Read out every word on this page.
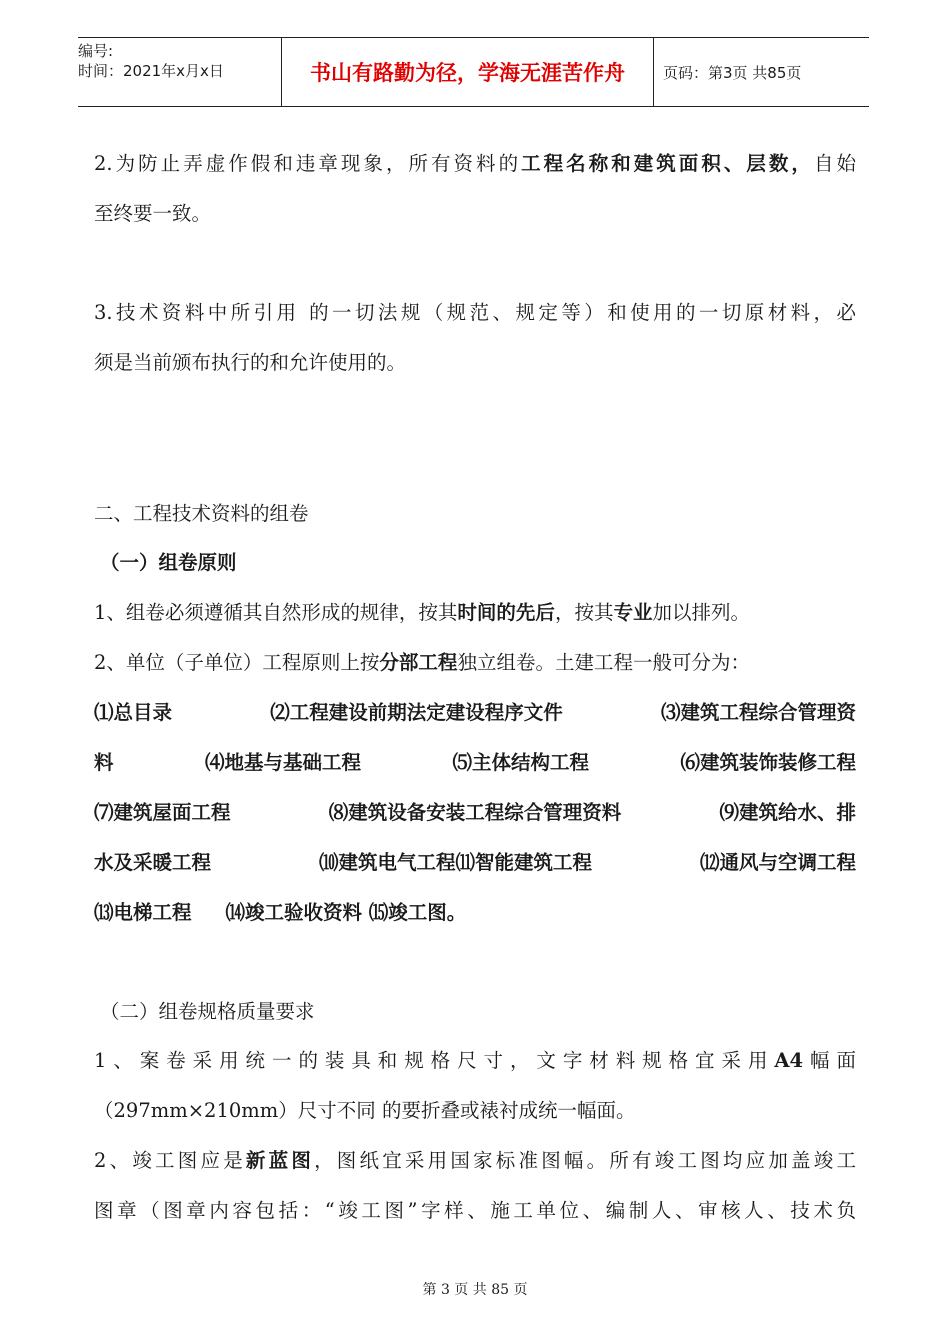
编号:
时间：2021年x月x日	书山有路勤为径，学海无涯苦作舟	页码：第3页 共85页
2.为防止弄虚作假和违章现象，所有资料的工程名称和建筑面积、层数，自始
至终要一致。
3.技术资料中所引用 的一切法规（规范、规定等）和使用的一切原材料，必
须是当前颁布执行的和允许使用的。
二、工程技术资料的组卷
（一）组卷原则
1、组卷必须遵循其自然形成的规律，按其时间的先后，按其专业加以排列。
2、单位（子单位）工程原则上按分部工程独立组卷。土建工程一般可分为：
⑴总目录	⑵工程建设前期法定建设程序文件	⑶建筑工程综合管理资
料	⑷地基与基础工程	⑸主体结构工程	⑹建筑装饰装修工程
⑺建筑屋面工程	⑻建筑设备安装工程综合管理资料	⑼建筑给水、排
水及采暖工程	⑽建筑电气工程⑾智能建筑工程	⑿通风与空调工程
⒀电梯工程     ⒁竣工验收资料 ⒂竣工图。
（二）组卷规格质量要求
1、案卷采用统一的装具和规格尺寸，文字材料规格宜采用A4幅面
（297mm×210mm）尺寸不同 的要折叠或裱衬成统一幅面。
2、竣工图应是新蓝图，图纸宜采用国家标准图幅。所有竣工图均应加盖竣工
图章（图章内容包括：“竣工图”字样、施工单位、编制人、审核人、技术负
第 3 页 共 85 页
